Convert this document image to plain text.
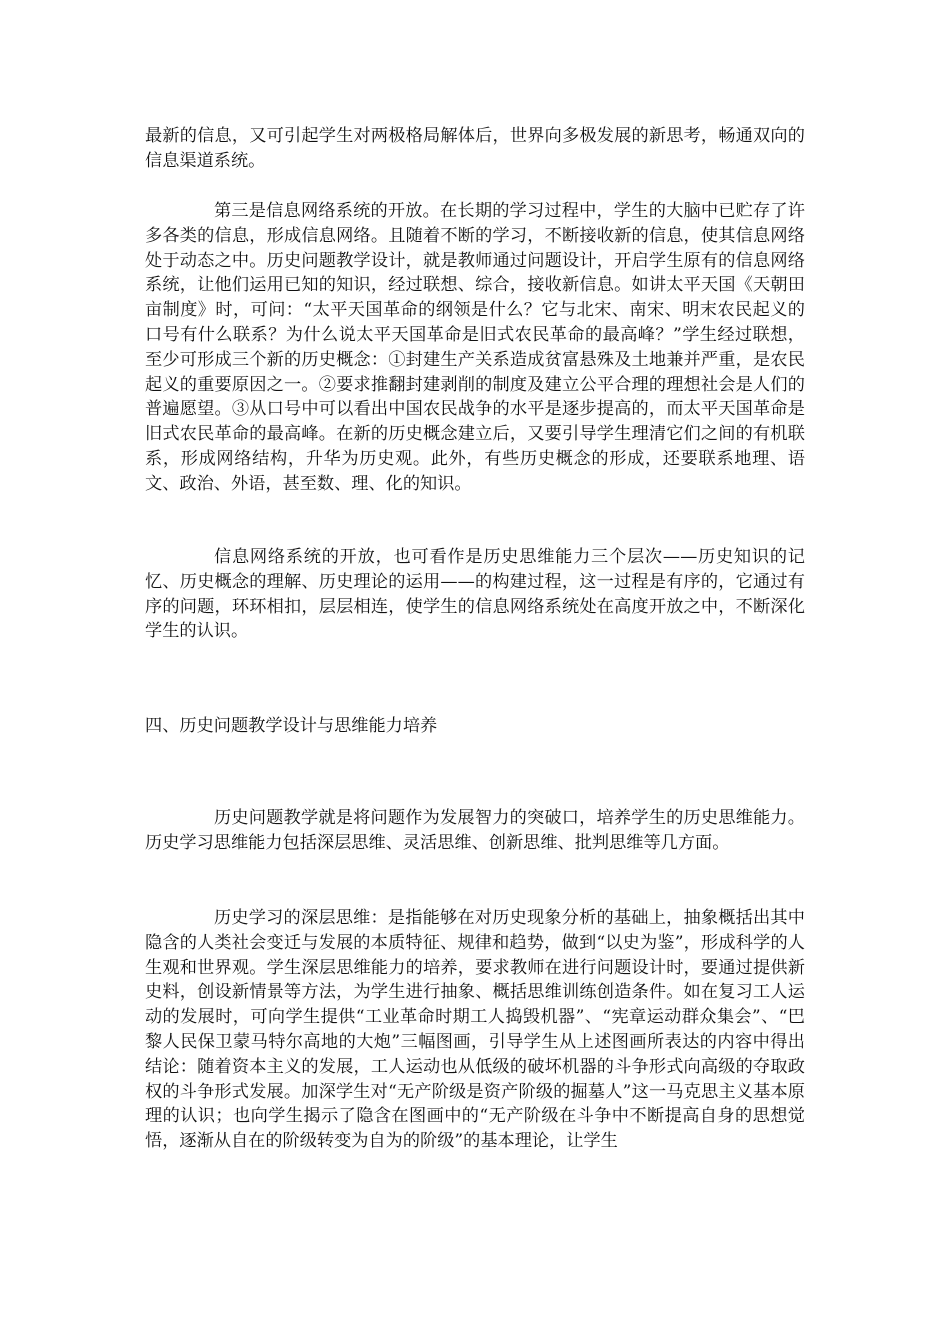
最新的信息，又可引起学生对两极格局解体后，世界向多极发展的新思考，畅通双向的信息渠道系统。

第三是信息网络系统的开放。在长期的学习过程中，学生的大脑中已贮存了许多各类的信息，形成信息网络。且随着不断的学习，不断接收新的信息，使其信息网络处于动态之中。历史问题教学设计，就是教师通过问题设计，开启学生原有的信息网络系统，让他们运用已知的知识，经过联想、综合，接收新信息。如讲太平天国《天朝田亩制度》时，可问：“太平天国革命的纲领是什么？它与北宋、南宋、明末农民起义的口号有什么联系？为什么说太平天国革命是旧式农民革命的最高峰？”学生经过联想，至少可形成三个新的历史概念：①封建生产关系造成贫富悬殊及土地兼并严重，是农民起义的重要原因之一。②要求推翻封建剥削的制度及建立公平合理的理想社会是人们的普遍愿望。③从口号中可以看出中国农民战争的水平是逐步提高的，而太平天国革命是旧式农民革命的最高峰。在新的历史概念建立后，又要引导学生理清它们之间的有机联系，形成网络结构，升华为历史观。此外，有些历史概念的形成，还要联系地理、语文、政治、外语，甚至数、理、化的知识。

信息网络系统的开放，也可看作是历史思维能力三个层次——历史知识的记忆、历史概念的理解、历史理论的运用——的构建过程，这一过程是有序的，它通过有序的问题，环环相扣，层层相连，使学生的信息网络系统处在高度开放之中，不断深化学生的认识。

四、历史问题教学设计与思维能力培养

历史问题教学就是将问题作为发展智力的突破口，培养学生的历史思维能力。历史学习思维能力包括深层思维、灵活思维、创新思维、批判思维等几方面。

历史学习的深层思维：是指能够在对历史现象分析的基础上，抽象概括出其中隐含的人类社会变迁与发展的本质特征、规律和趋势，做到“以史为鉴”，形成科学的人生观和世界观。学生深层思维能力的培养，要求教师在进行问题设计时，要通过提供新史料，创设新情景等方法，为学生进行抽象、概括思维训练创造条件。如在复习工人运动的发展时，可向学生提供“工业革命时期工人捣毁机器”、“宪章运动群众集会”、“巴黎人民保卫蒙马特尔高地的大炮”三幅图画，引导学生从上述图画所表达的内容中得出结论：随着资本主义的发展，工人运动也从低级的破坏机器的斗争形式向高级的夺取政权的斗争形式发展。加深学生对“无产阶级是资产阶级的掘墓人”这一马克思主义基本原理的认识；也向学生揭示了隐含在图画中的“无产阶级在斗争中不断提高自身的思想觉悟，逐渐从自在的阶级转变为自为的阶级”的基本理论，让学生
